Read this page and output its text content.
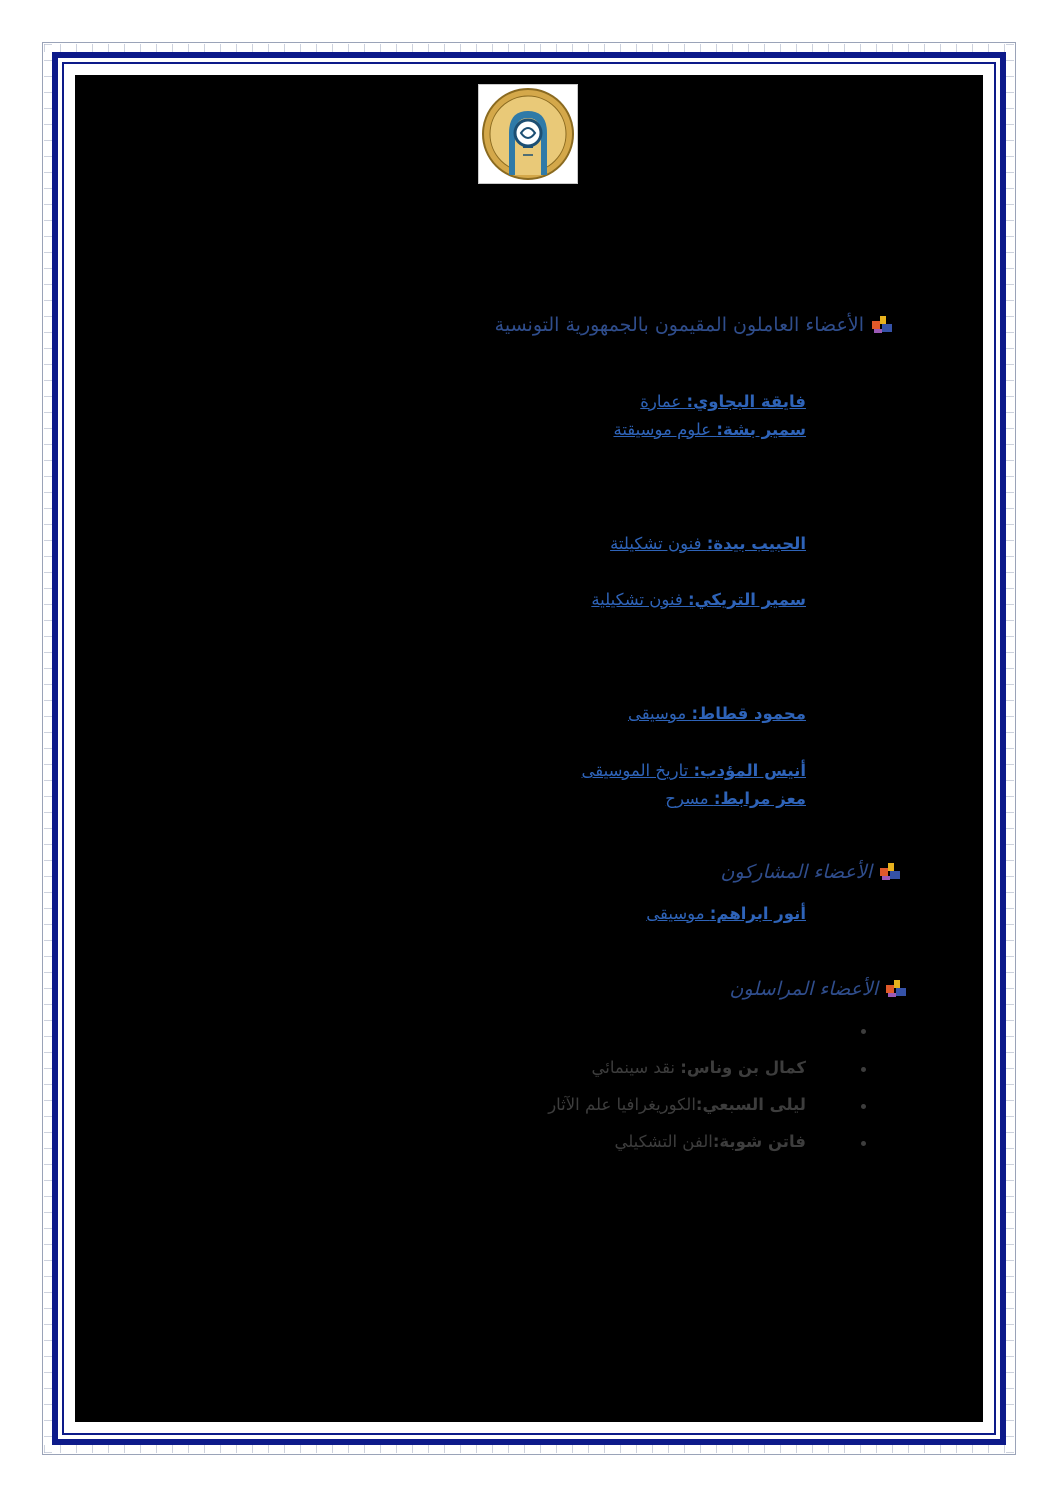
الأعضاء العاملون المقيمون بالجمهورية التونسية
فايقة البجاوي: عمارة
سمير بشة: علوم موسيقتة
الحبيب بيدة: فنون تشكيلتة
سمير التريكي: فنون تشكيلية
محمود قطاط: موسيقى
أنيس المؤدب: تاريخ الموسيقى
معز مرابط: مسرح
الأعضاء المشاركون
أنور ابراهم: موسيقى
الأعضاء المراسلون
كمال بن وناس: نقد سينمائي
ليلى السبعي:الكوريغرافيا علم الآثار
فاتن شوبة:الفن التشكيلي
